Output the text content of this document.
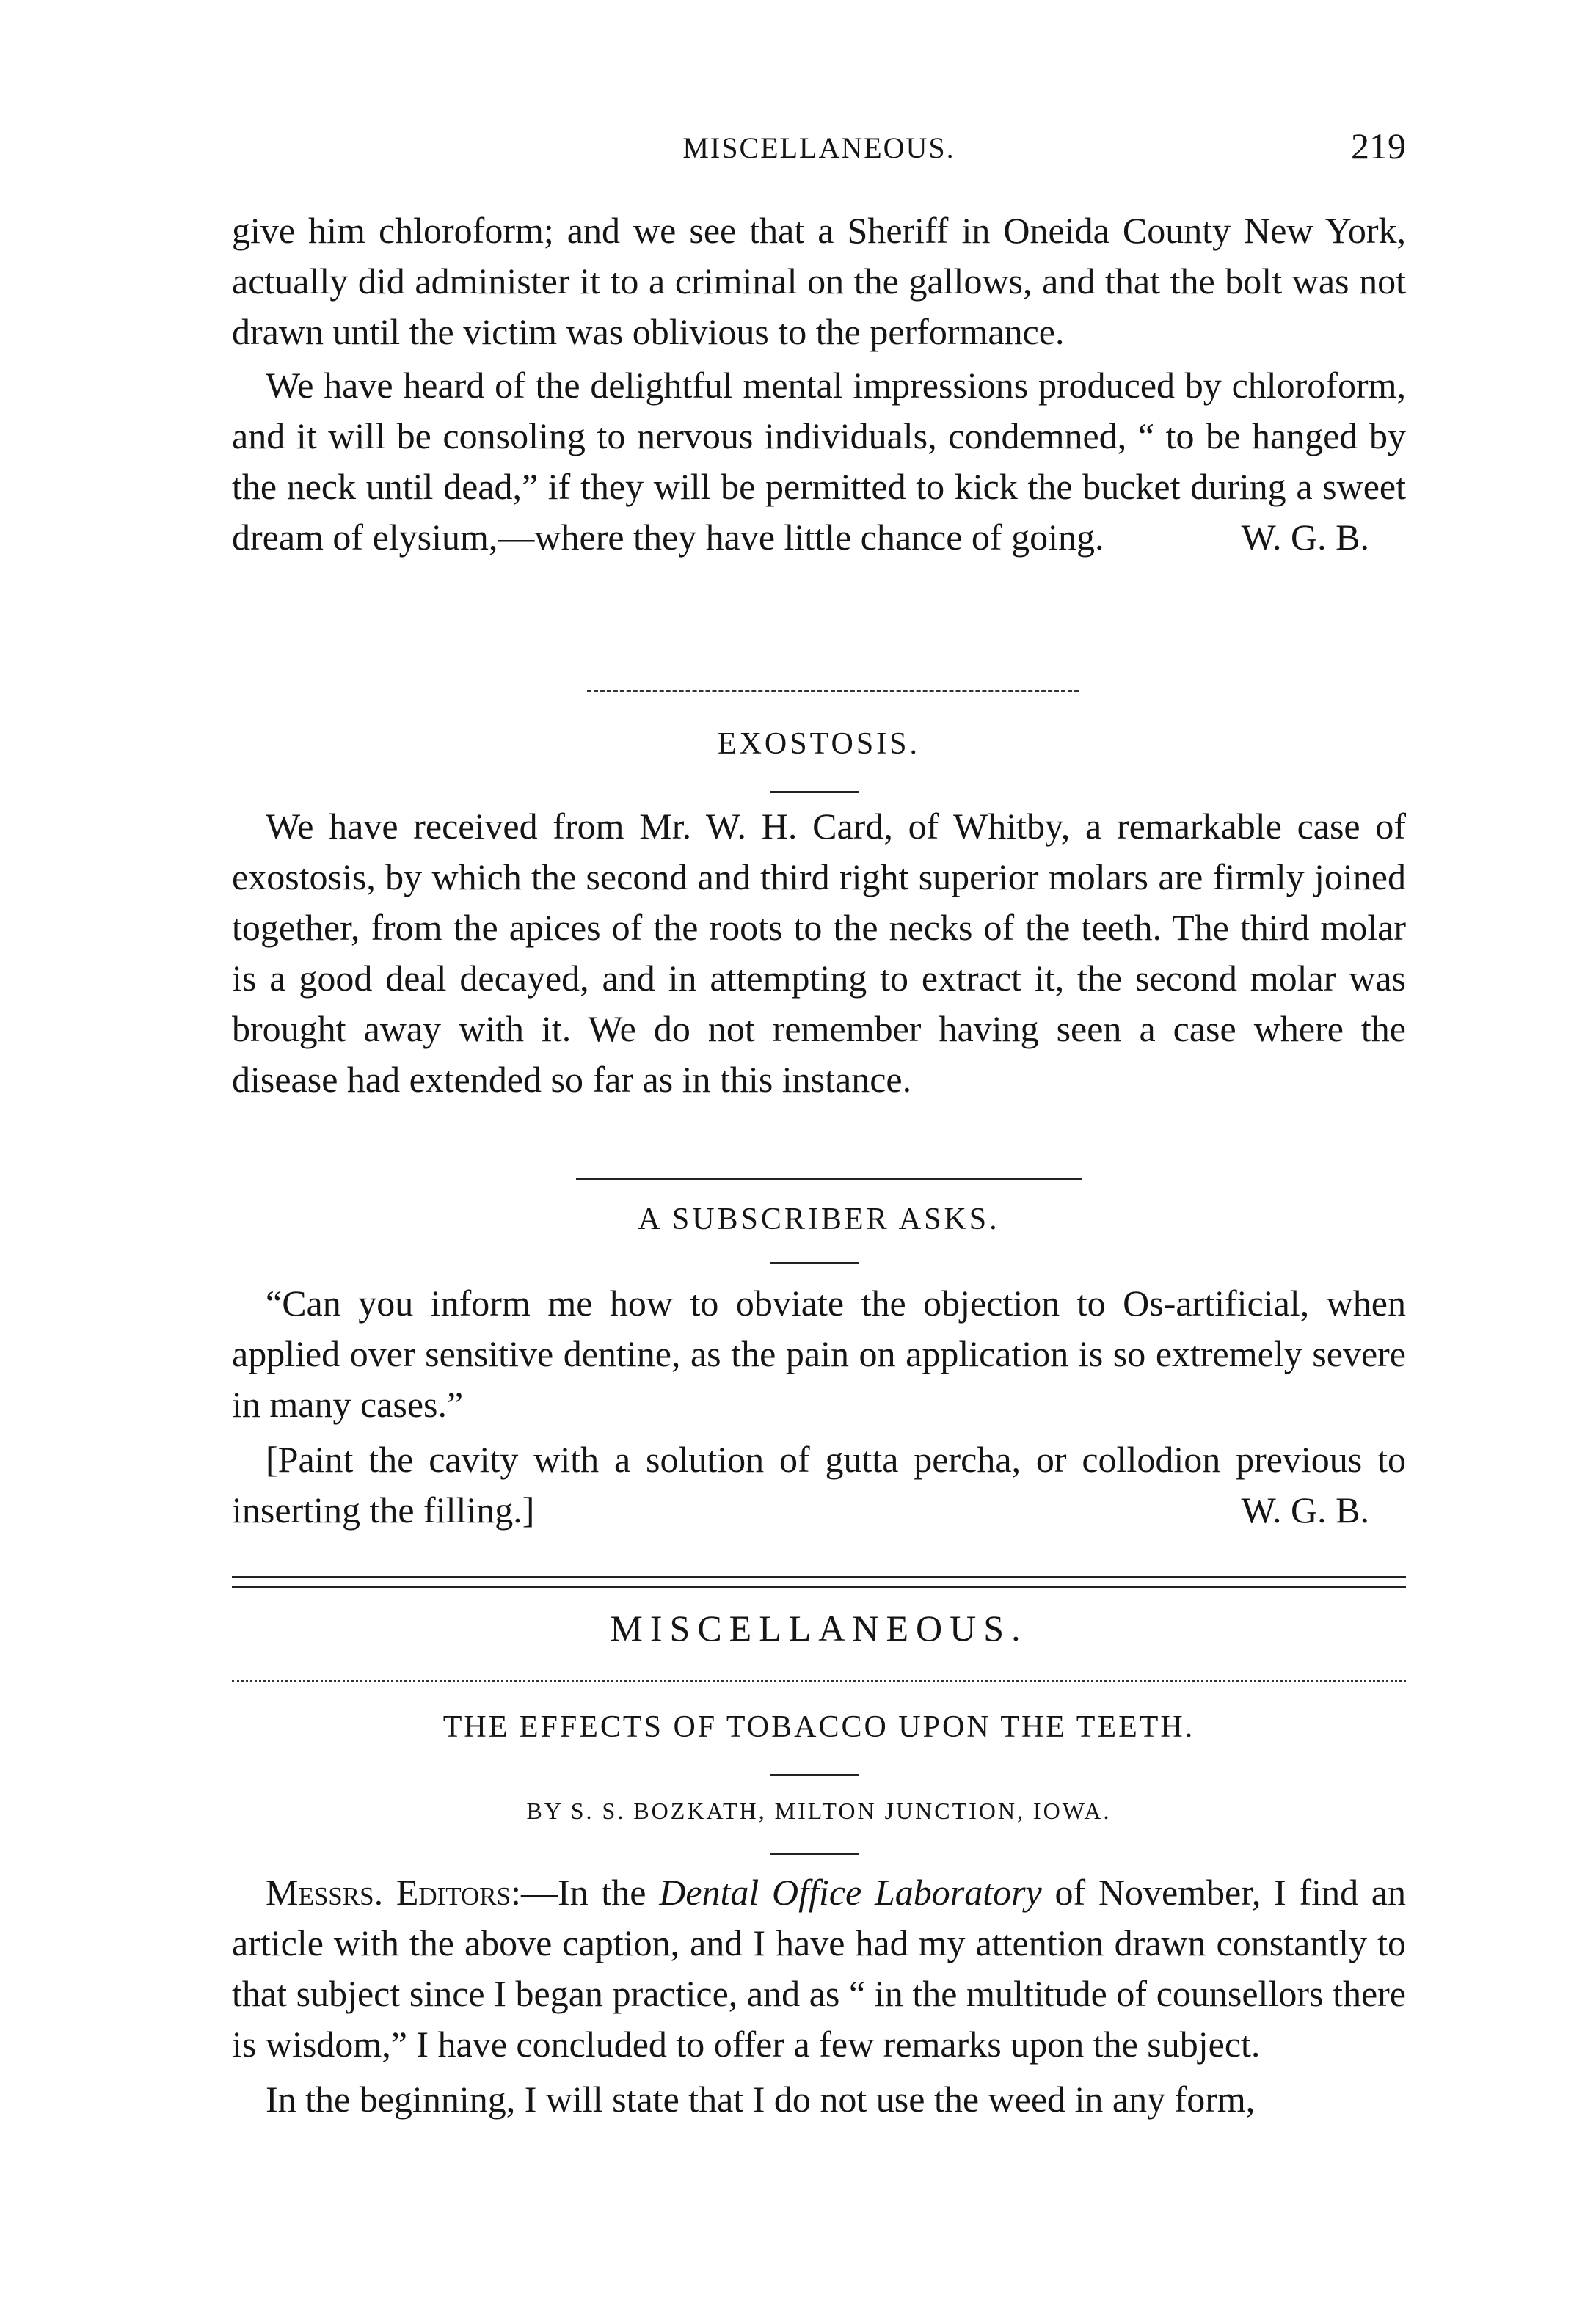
MISCELLANEOUS.	219

give him chloroform; and we see that a Sheriff in Oneida County New York, actually did administer it to a criminal on the gallows, and that the bolt was not drawn until the victim was oblivious to the performance.

We have heard of the delightful mental impressions produced by chloroform, and it will be consoling to nervous individuals, condemned, “ to be hanged by the neck until dead,” if they will be permitted to kick the bucket during a sweet dream of elysium,—where they have little chance of going.	W. G. B.

EXOSTOSIS.

We have received from Mr. W. H. Card, of Whitby, a remarkable case of exostosis, by which the second and third right superior molars are firmly joined together, from the apices of the roots to the necks of the teeth. The third molar is a good deal decayed, and in attempting to extract it, the second molar was brought away with it. We do not remember having seen a case where the disease had extended so far as in this instance.

A SUBSCRIBER ASKS.

“Can you inform me how to obviate the objection to Os-artificial, when applied over sensitive dentine, as the pain on application is so extremely severe in many cases.”

[Paint the cavity with a solution of gutta percha, or collodion previous to inserting the filling.]	W. G. B.

MISCELLANEOUS.
THE EFFECTS OF TOBACCO UPON THE TEETH.
BY S. S. BOZKATH, MILTON JUNCTION, IOWA.

Messrs. Editors:—In the Dental Office Laboratory of November, I find an article with the above caption, and I have had my attention drawn constantly to that subject since I began practice, and as “ in the multitude of counsellors there is wisdom,” I have concluded to offer a few remarks upon the subject.

In the beginning, I will state that I do not use the weed in any form,
